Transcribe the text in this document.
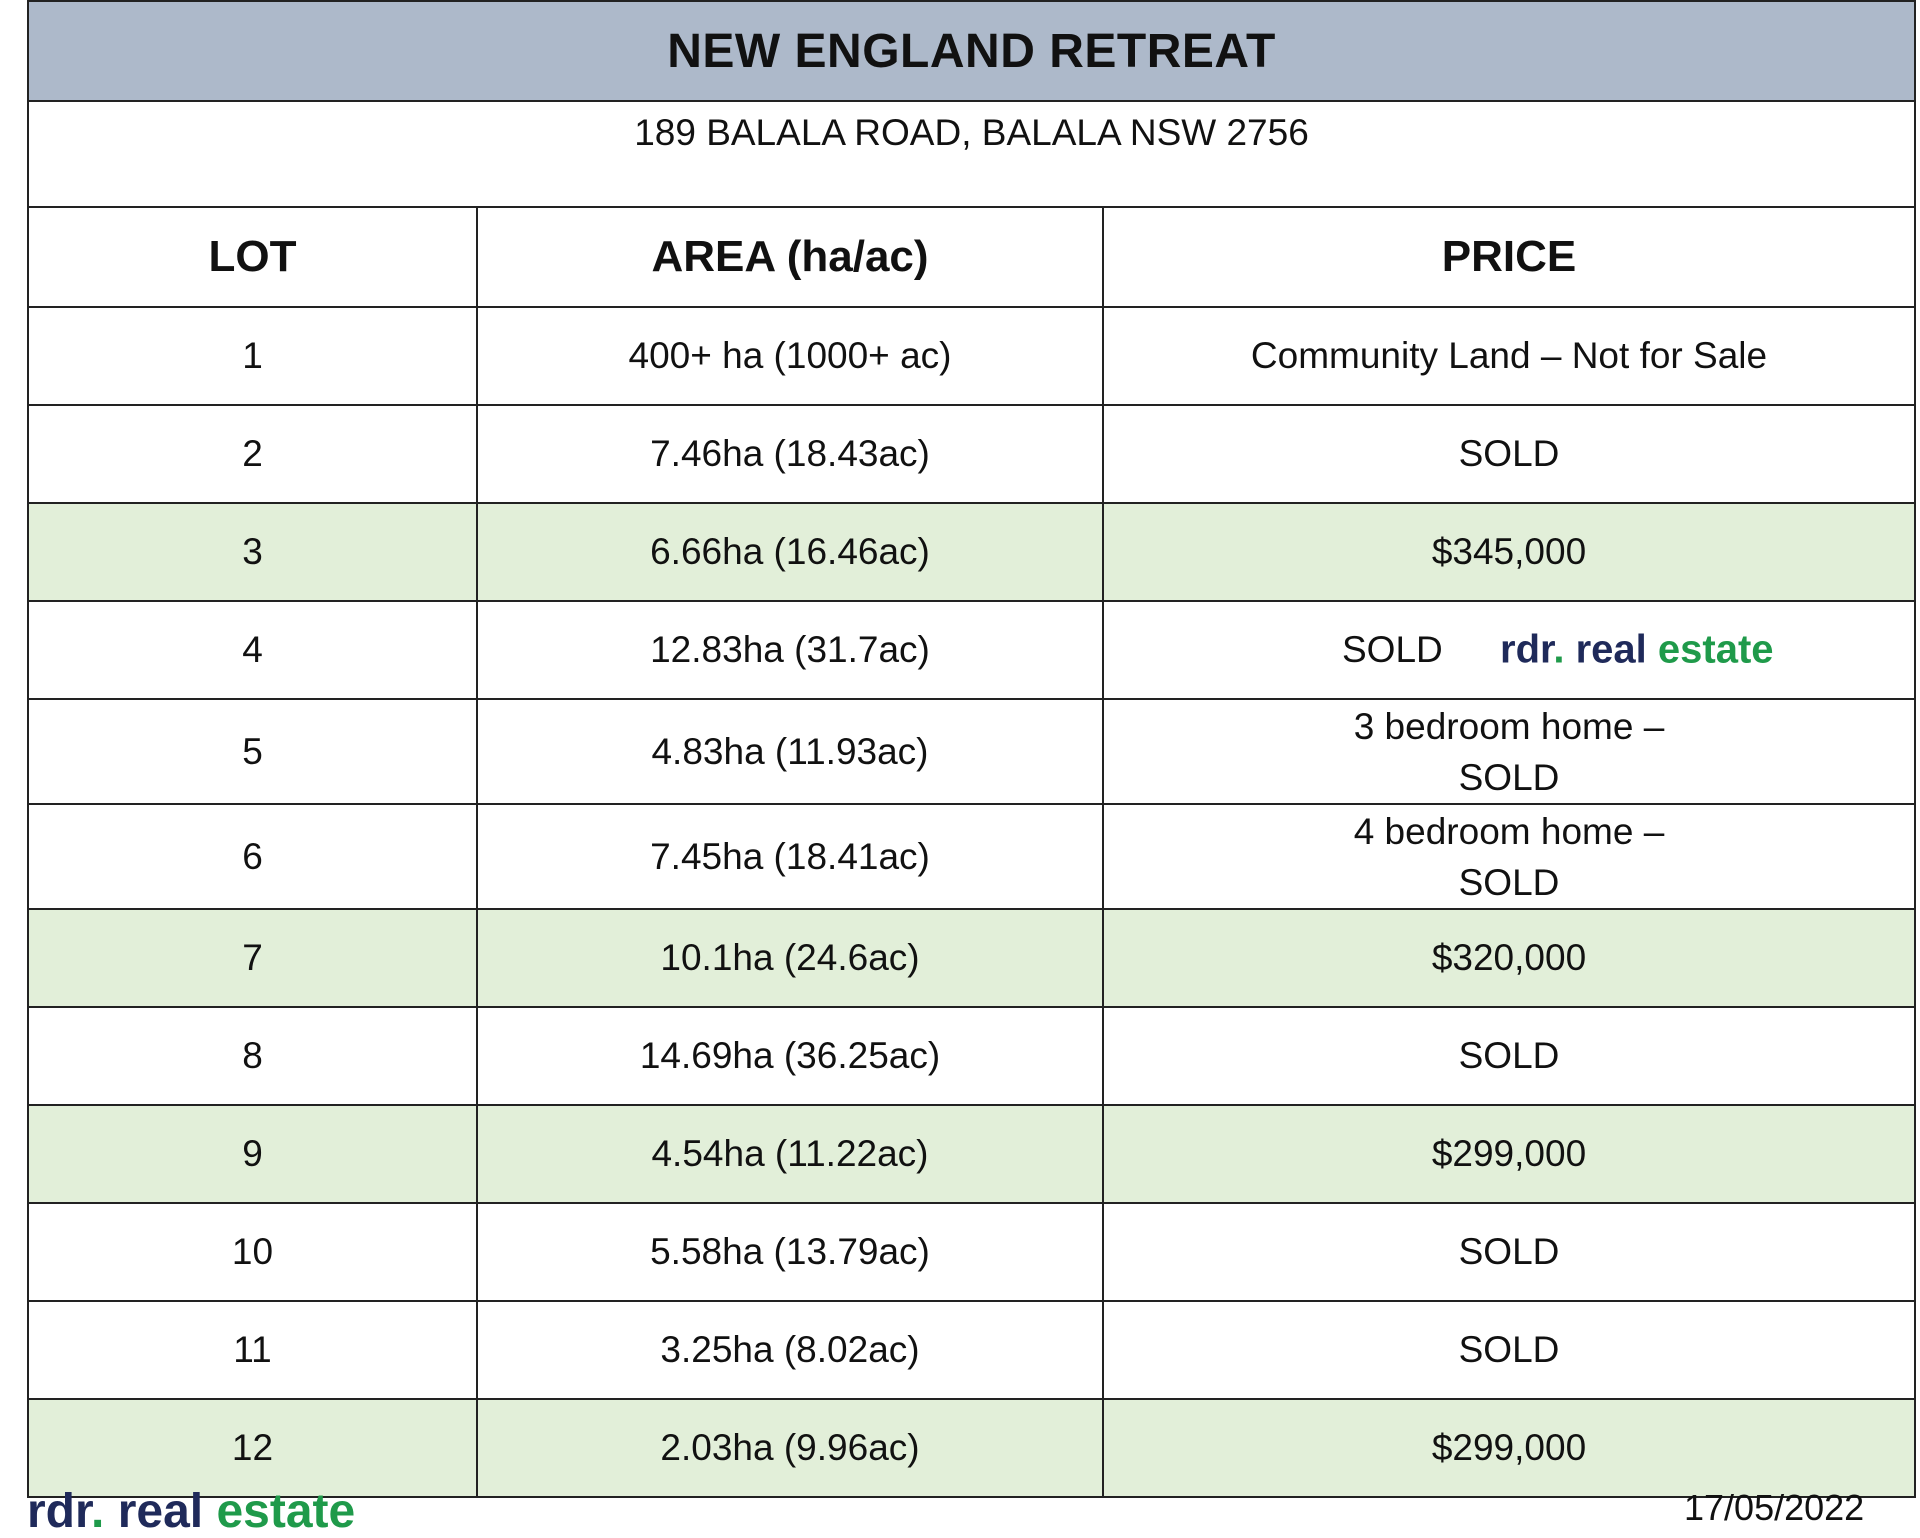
NEW ENGLAND RETREAT		
189 BALALA ROAD, BALALA NSW 2756		
LOT	AREA (ha/ac)	PRICE
1	400+ ha (1000+ ac)	Community Land – Not for Sale
2	7.46ha (18.43ac)	SOLD
3	6.66ha (16.46ac)	$345,000
4	12.83ha (31.7ac)	SOLD rdr. real estate

5	4.83ha (11.93ac)	3 bedroom home –
SOLD
6	7.45ha (18.41ac)	4 bedroom home –
SOLD
7	10.1ha (24.6ac)	$320,000
8	14.69ha (36.25ac)	SOLD
9	4.54ha (11.22ac)	$299,000
10	5.58ha (13.79ac)	SOLD
11	3.25ha (8.02ac)	SOLD
12	2.03ha (9.96ac)	$299,000
rdr. real estate	17/05/2022
